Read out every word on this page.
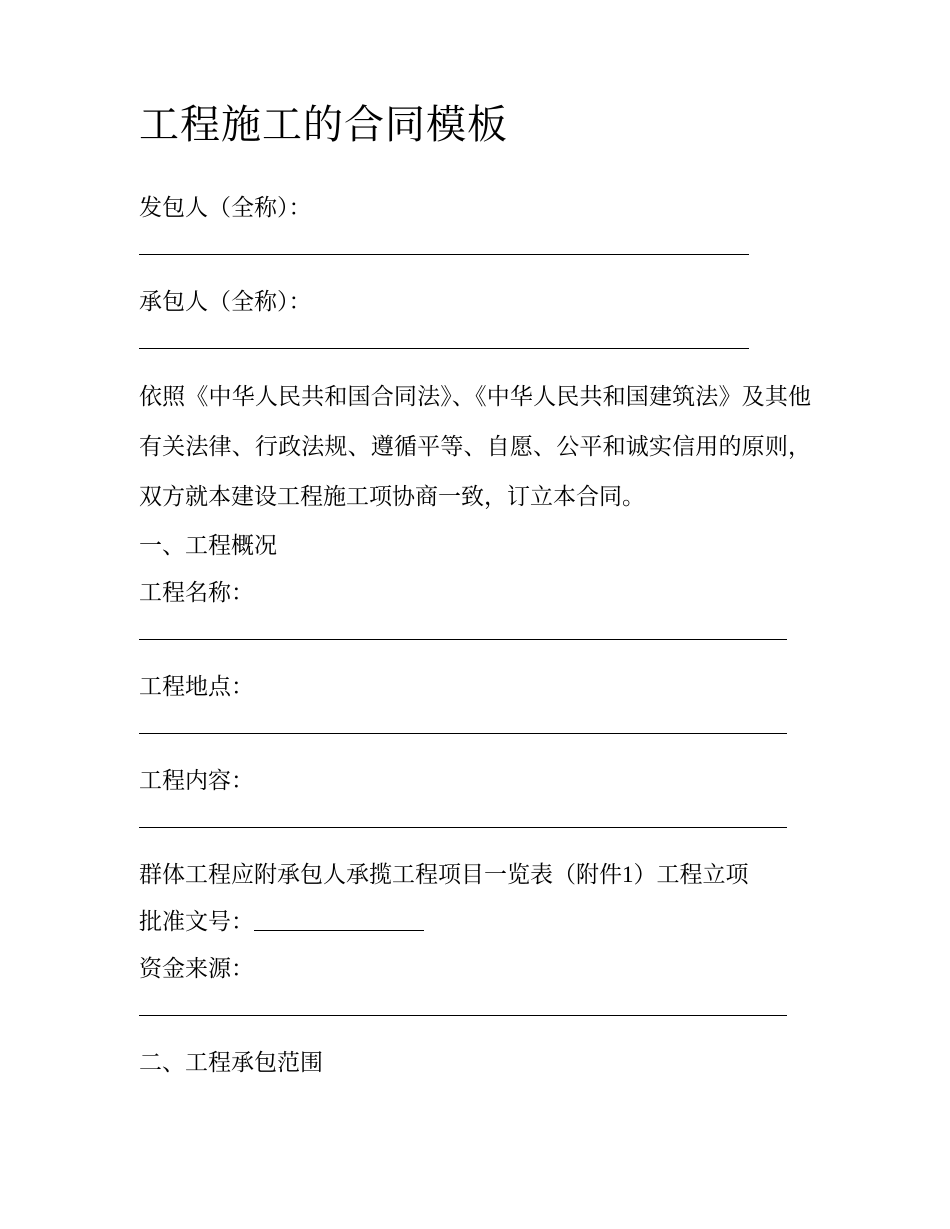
工程施工的合同模板

发包人（全称）：

承包人（全称）：

依照《中华人民共和国合同法》、《中华人民共和国建筑法》及其他有关法律、行政法规、遵循平等、自愿、公平和诚实信用的原则，双方就本建设工程施工项协商一致，订立本合同。

一、工程概况

工程名称：

工程地点：

工程内容：

群体工程应附承包人承揽工程项目一览表（附件1）工程立项

批准文号：

资金来源：

二、工程承包范围
